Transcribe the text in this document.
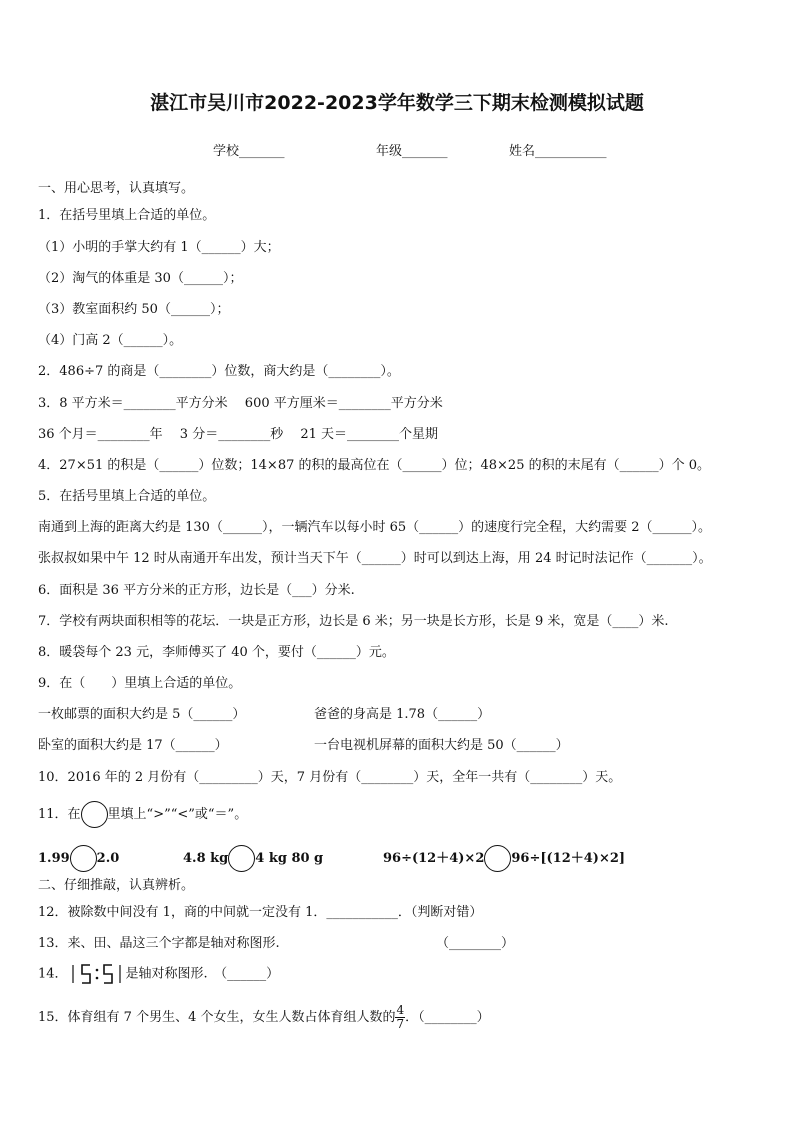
湛江市吴川市2022-2023学年数学三下期末检测模拟试题
学校_______	年级_______	姓名___________
一、用心思考，认真填写。
1．在括号里填上合适的单位。
（1）小明的手掌大约有 1（______）大；
（2）淘气的体重是 30（______）；
（3）教室面积约 50（______）；
（4）门高 2（______）。
2．486÷7 的商是（________）位数，商大约是（________）。
3．8 平方米＝________平方分米　 600 平方厘米＝________平方分米
36 个月＝________年　 3 分＝________秒　 21 天＝________个星期
4．27×51 的积是（______）位数；14×87 的积的最高位在（______）位；48×25 的积的末尾有（______）个 0。
5．在括号里填上合适的单位。
南通到上海的距离大约是 130（______），一辆汽车以每小时 65（______）的速度行完全程，大约需要 2（______）。
张叔叔如果中午 12 时从南通开车出发，预计当天下午（______）时可以到达上海，用 24 时记时法记作（_______）。
6．面积是 36 平方分米的正方形，边长是（___）分米.
7．学校有两块面积相等的花坛．一块是正方形，边长是 6 米；另一块是长方形，长是 9 米，宽是（____）米.
8．暖袋每个 23 元，李师傅买了 40 个，要付（______）元。
9．在（　　）里填上合适的单位。
一枚邮票的面积大约是 5（______）	爸爸的身高是 1.78（______）
卧室的面积大约是 17（______）	一台电视机屏幕的面积大约是 50（______）
10．2016 年的 2 月份有（_________）天，7 月份有（________）天，全年一共有（________）天。
11．在 里填上“>”“<”或“＝”。
1.99 2.0	4.8 kg 4 kg 80 g	96÷(12＋4)×2 96÷[(12＋4)×2]
二、仔细推敲，认真辨析。
12．被除数中间没有 1，商的中间就一定没有 1．___________．（判断对错）
13．来、田、晶这三个字都是轴对称图形.	（________）
14．	是轴对称图形.　（______）
15．体育组有 7 个男生、4 个女生，女生人数占体育组人数的 $\frac{4}{7}$ ．（________）
